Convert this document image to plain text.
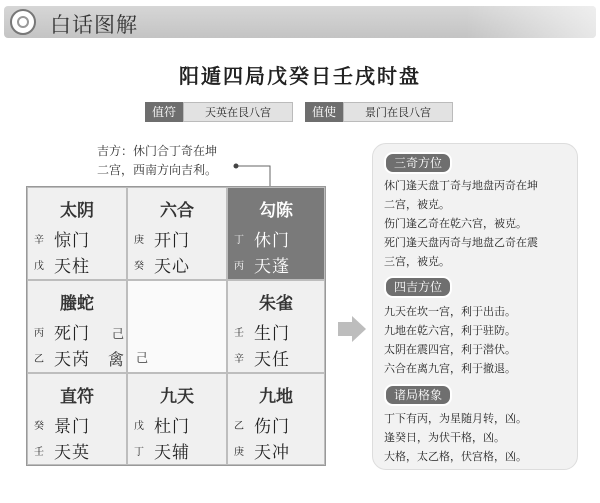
白话图解
阳遁四局戊癸日壬戌时盘
值符	天英在艮八宫	值使	景门在艮八宫
吉方：休门合丁奇在坤
二宫，西南方向吉利。
太阴
辛 惊门
戊 天柱
六合
庚 开门
癸 天心
勾陈
丁 休门
丙 天蓬
螣蛇
丙 死门 己
乙 天芮 禽 己
朱雀
壬 生门
辛 天任
直符
癸 景门
壬 天英
九天
戊 杜门
丁 天辅
九地
乙 伤门
庚 天冲
三奇方位
休门逢天盘丁奇与地盘丙奇在坤
二宫，被克。
伤门逢乙奇在乾六宫，被克。
死门逢天盘丙奇与地盘乙奇在震
三宫，被克。
四吉方位
九天在坎一宫，利于出击。
九地在乾六宫，利于驻防。
太阴在震四宫，利于潜伏。
六合在离九宫，利于撤退。
诸局格象
丁下有丙，为星随月转，凶。
逢癸日，为伏干格，凶。
大格，太乙格，伏宫格，凶。
